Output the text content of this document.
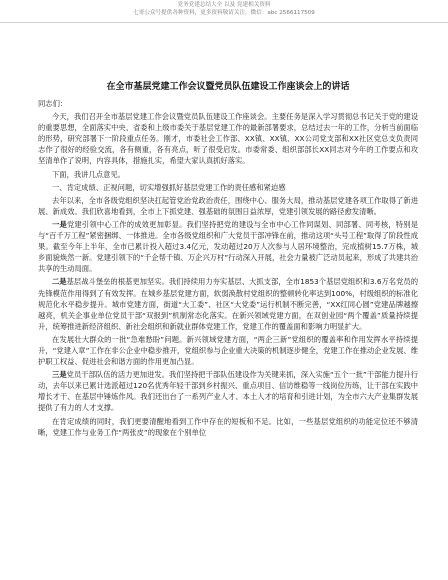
党务党建总结大全 以及 党建相关资料
七哥公众号提供各种资料，更多资料敬请关注，微信：abc 2566117509
在全市基层党建工作会议暨党员队伍建设工作座谈会上的讲话

同志们：

今天，我们召开全市基层党建工作会议暨党员队伍建设工作座谈会。主要任务是深入学习贯彻总书记关于党的建设的重要思想，全面落实中央、省委和上级市委关于基层党建工作的最新部署要求，总结过去一年的工作，分析当前面临的形势，研究部署下一阶段重点任务。刚才，市委社会工作部、XX镇、XX镇、XX公司党支部和XX社区党总支负责同志作了很好的经验交流，各有侧重，各有亮点，听了很受启发。市委常委、组织部部长XX同志对今年的工作要点和攻坚清单作了说明，内容具体，措施扎实，希望大家认真抓好落实。

下面，我讲几点意见。

一、肯定成绩、正视问题，切实增强抓好基层党建工作的责任感和紧迫感

去年以来，全市各级党组织坚决扛起管党治党政治责任，围绕中心、服务大局，推动基层党建各项工作取得了新进展、新成效。我们欣喜地看到，全市上下抓党建、强基础的氛围日益浓厚，党建引领发展的路径愈发清晰。

一是党建引领中心工作的成效更加彰显。我们坚持把党的建设与全市中心工作同谋划、同部署、同考核，特别是与“百千万工程”紧密捆绑、一体推进。全市各级党组织和广大党员干部冲锋在前，推动这项“头号工程”取得了阶段性成果。截至今年上半年，全市已累计投入超过3.4亿元，发动超过20万人次参与人居环境整治，完成植树15.7万株，城乡面貌焕然一新。党建引领下的“千企帮千镇、万企兴万村”行动深入开展，社会力量被广泛动员起来，形成了共建共治共享的生动局面。

二是基层战斗堡垒的根基更加坚实。我们持续用力夯实基层、大抓支部，全市1853个基层党组织和3.6万名党员的先锋模范作用得到了有效发挥。在城乡基层党建方面，软弱涣散村党组织的整顿转化率达到100%，村级组织的标准化规范化水平稳步提升。城市党建方面，街道“大工委”、社区“大党委”运行机制不断完善，“XX红同心圆”党建品牌越擦越亮，机关企事业单位党员干部“双报到”机制常态化落实。在新兴领域党建方面，在双创业园“两个覆盖”质量持续提升，统筹推进新经济组织、新社会组织和新就业群体党建工作，党建工作的覆盖面和影响力明显扩大。

在发展壮大群众的一批“急难愁盼”问题。新兴领域党建方面，“两企三新”党组织的覆盖率和作用发挥水平持续提升，“党建入章”工作在非公企业中稳步推开，党组织参与企业重大决策的机制逐步健全，党建工作在推动企业发展、维护职工权益、促进社会和谐方面的作用更加凸显。

三是党员干部队伍的活力更加迸发。我们坚持把干部队伍建设作为关键来抓，深入实施“五个一批”干部能力提升行动，去年以来已累计选派超过120名优秀年轻干部到乡村振兴、重点项目、信访维稳等一线岗位历练，让干部在实践中增长才干、在基层中锤炼作风。我们还出台了一系列产业人才、本土人才的培育和引进计划，为全市六大产业集群发展提供了有力的人才支撑。

在肯定成绩的同时，我们更要清醒地看到工作中存在的短板和不足。比如，一些基层党组织的功能定位还不够清晰，党建工作与业务工作“两张皮”的现象在个别单位
